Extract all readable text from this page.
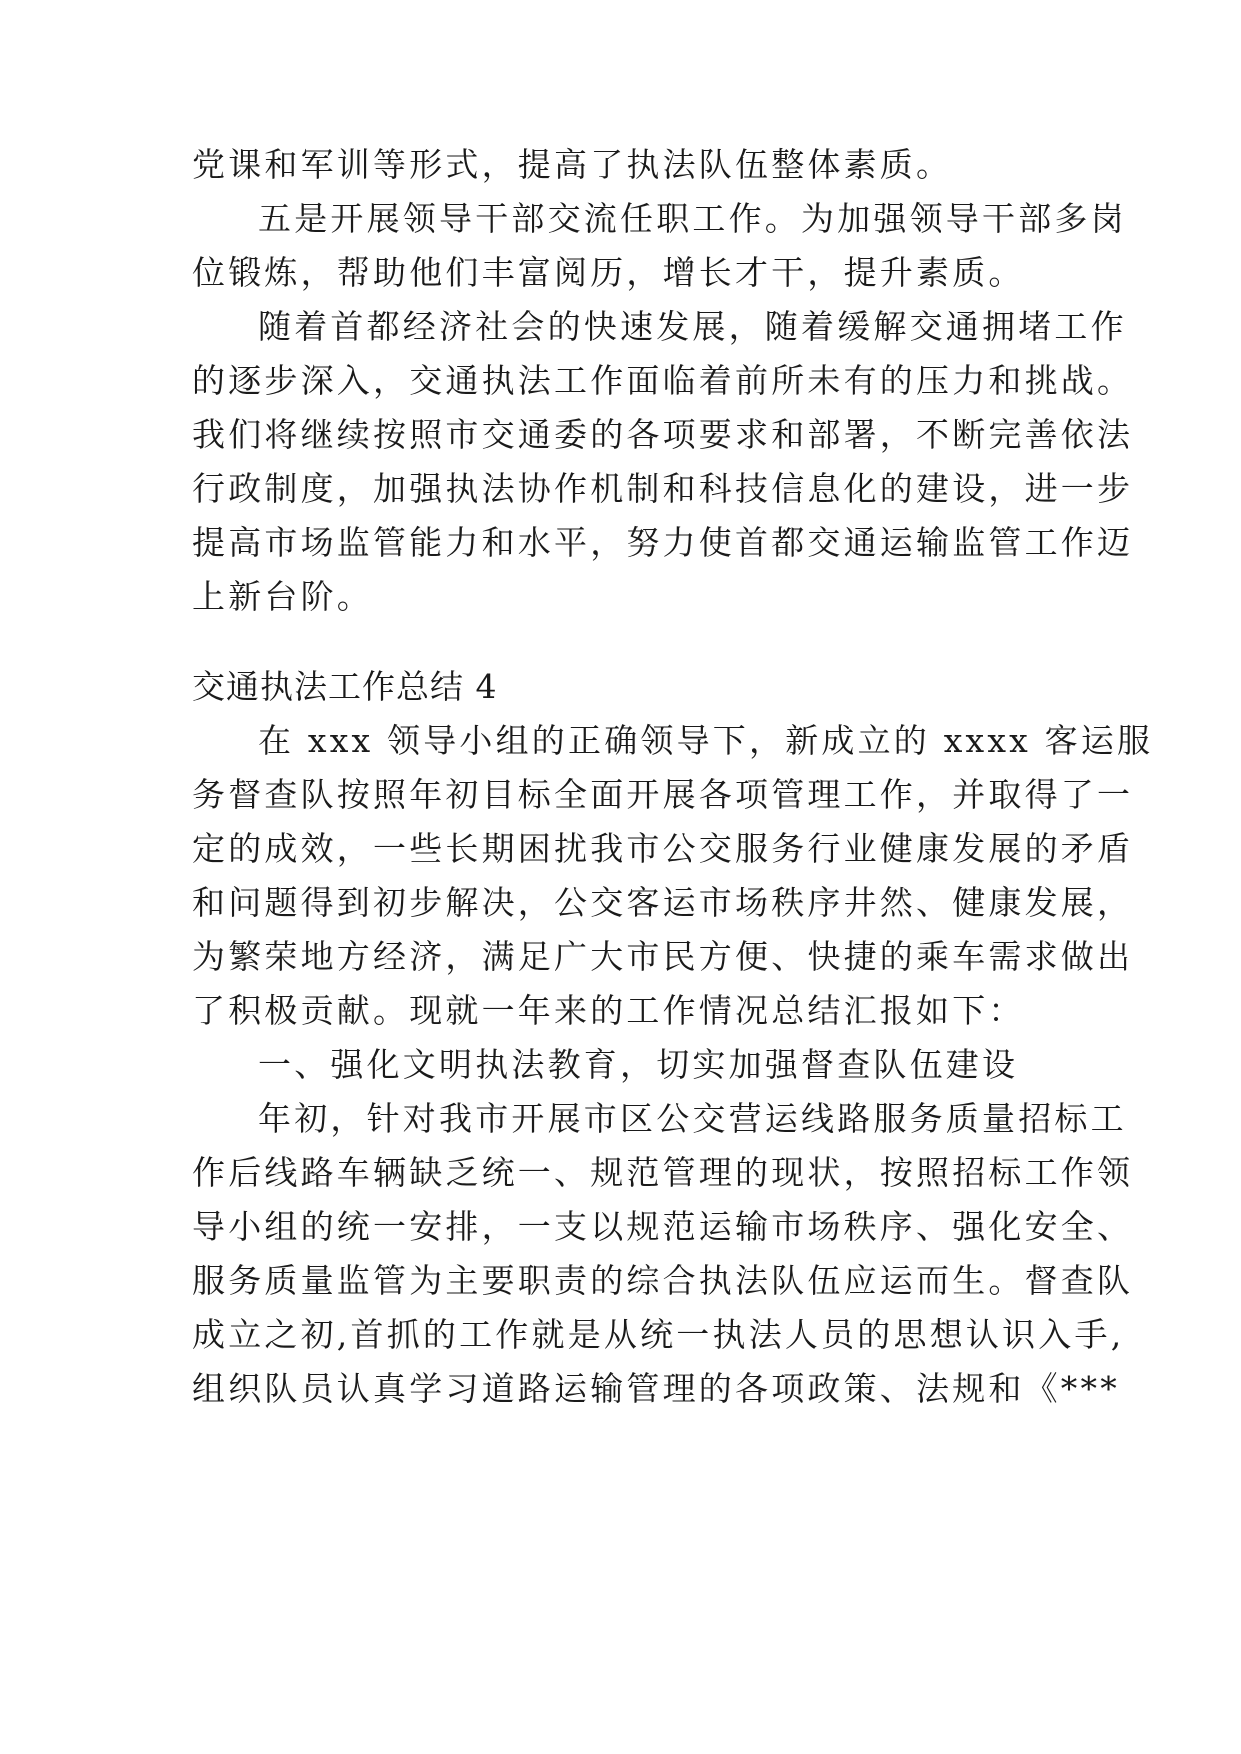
党课和军训等形式，提高了执法队伍整体素质。
五是开展领导干部交流任职工作。为加强领导干部多岗
位锻炼，帮助他们丰富阅历，增长才干，提升素质。
随着首都经济社会的快速发展，随着缓解交通拥堵工作
的逐步深入，交通执法工作面临着前所未有的压力和挑战。
我们将继续按照市交通委的各项要求和部署，不断完善依法
行政制度，加强执法协作机制和科技信息化的建设，进一步
提高市场监管能力和水平，努力使首都交通运输监管工作迈
上新台阶。
交通执法工作总结 4
在 xxx 领导小组的正确领导下，新成立的 xxxx 客运服
务督查队按照年初目标全面开展各项管理工作，并取得了一
定的成效，一些长期困扰我市公交服务行业健康发展的矛盾
和问题得到初步解决，公交客运市场秩序井然、健康发展，
为繁荣地方经济，满足广大市民方便、快捷的乘车需求做出
了积极贡献。现就一年来的工作情况总结汇报如下：
一、强化文明执法教育，切实加强督查队伍建设
年初，针对我市开展市区公交营运线路服务质量招标工
作后线路车辆缺乏统一、规范管理的现状，按照招标工作领
导小组的统一安排，一支以规范运输市场秩序、强化安全、
服务质量监管为主要职责的综合执法队伍应运而生。督查队
成立之初,首抓的工作就是从统一执法人员的思想认识入手,
组织队员认真学习道路运输管理的各项政策、法规和《***
